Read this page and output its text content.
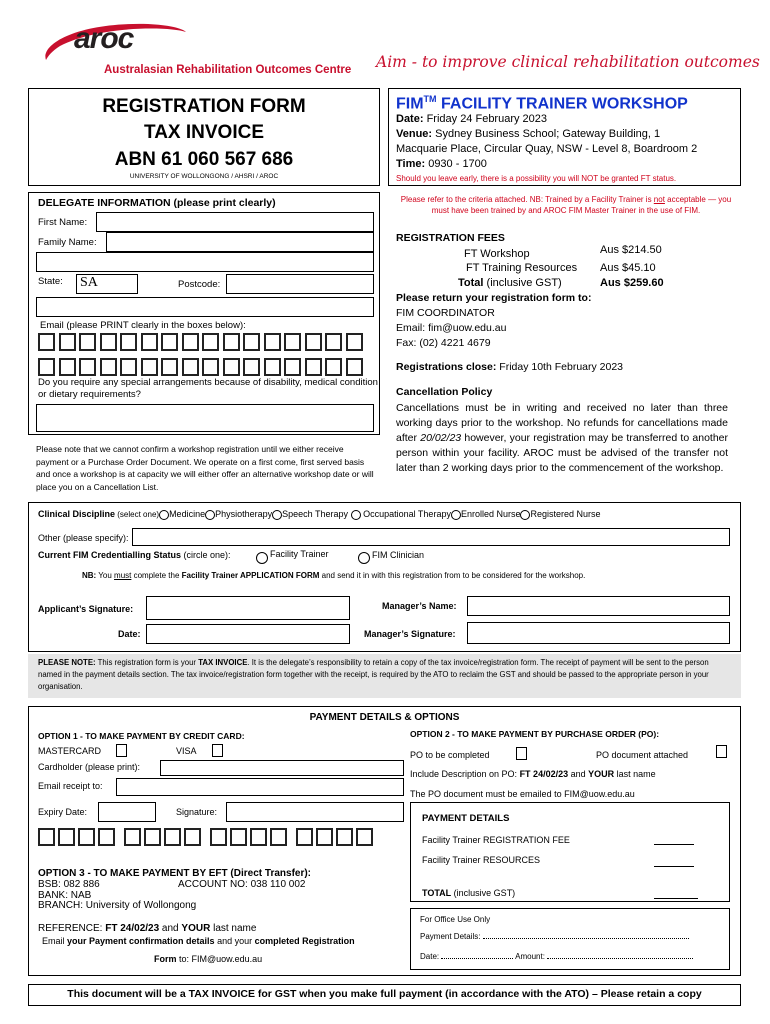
aroc
Australasian Rehabilitation Outcomes Centre Aim - to improve clinical rehabilitation outcomes
REGISTRATION FORM
TAX INVOICE
ABN 61 060 567 686
UNIVERSITY OF WOLLONGONG / AHSRI / AROC
FIM™ FACILITY TRAINER WORKSHOP
Date: Friday 24 February 2023
Venue: Sydney Business School; Gateway Building, 1
Macquarie Place, Circular Quay, NSW - Level 8, Boardroom 2
Time: 0930 - 1700
Should you leave early, there is a possibility you will NOT be granted FT status.
DELEGATE INFORMATION (please print clearly)
First Name:
Family Name:
State: SA	Postcode:
Email (please PRINT clearly in the boxes below):
Do you require any special arrangements because of disability, medical condition or dietary requirements?
Please note that we cannot confirm a workshop registration until we either receive payment or a Purchase Order Document. We operate on a first come, first served basis and once a workshop is at capacity we will either offer an alternative workshop date or will place you on a Cancellation List.
Please refer to the criteria attached. NB: Trained by a Facility Trainer is not acceptable — you must have been trained by and AROC FIM Master Trainer in the use of FIM.
REGISTRATION FEES
FT Workshop	Aus $214.50
FT Training Resources Aus $45.10
Total (inclusive GST)	Aus $259.60
Please return your registration form to:
FIM COORDINATOR
Email: fim@uow.edu.au
Fax: (02) 4221 4679
Registrations close: Friday 10th February 2023
Cancellation Policy
Cancellations must be in writing and received no later than three working days prior to the workshop. No refunds for cancellations made after 20/02/23 however, your registration may be transferred to another person within your facility. AROC must be advised of the transfer not later than 2 working days prior to the commencement of the workshop.
Clinical Discipline (select one) Medicine Physiotherapy Speech Therapy Occupational Therapy Enrolled Nurse Registered Nurse
Other (please specify):
Current FIM Credentialling Status (circle one):	Facility Trainer	FIM Clinician
NB: You must complete the Facility Trainer APPLICATION FORM and send it in with this registration from to be considered for the workshop.
Applicant’s Signature:	Manager’s Name:
Date:	Manager’s Signature:
PLEASE NOTE: This registration form is your TAX INVOICE. It is the delegate’s responsibility to retain a copy of the tax invoice/registration form. The receipt of payment will be sent to the person named in the payment details section. The tax invoice/registration form together with the receipt, is required by the ATO to reclaim the GST and should be passed to the appropriate person in your organisation.
PAYMENT DETAILS & OPTIONS
OPTION 1 - TO MAKE PAYMENT BY CREDIT CARD:
MASTERCARD	VISA
Cardholder (please print):
Email receipt to:
Expiry Date:	Signature:
OPTION 2 - TO MAKE PAYMENT BY PURCHASE ORDER (PO):
PO to be completed	PO document attached
Include Description on PO: FT 24/02/23 and YOUR last name
The PO document must be emailed to FIM@uow.edu.au
PAYMENT DETAILS
Facility Trainer REGISTRATION FEE
Facility Trainer RESOURCES
TOTAL (inclusive GST)
OPTION 3 - TO MAKE PAYMENT BY EFT (Direct Transfer):
BSB: 082 886	ACCOUNT NO: 038 110 002
BANK: NAB
BRANCH: University of Wollongong
REFERENCE: FT 24/02/23 and YOUR last name
Email your Payment confirmation details and your completed Registration
Form to: FIM@uow.edu.au
For Office Use Only
Payment Details:
Date:	Amount:
This document will be a TAX INVOICE for GST when you make full payment (in accordance with the ATO) – Please retain a copy
